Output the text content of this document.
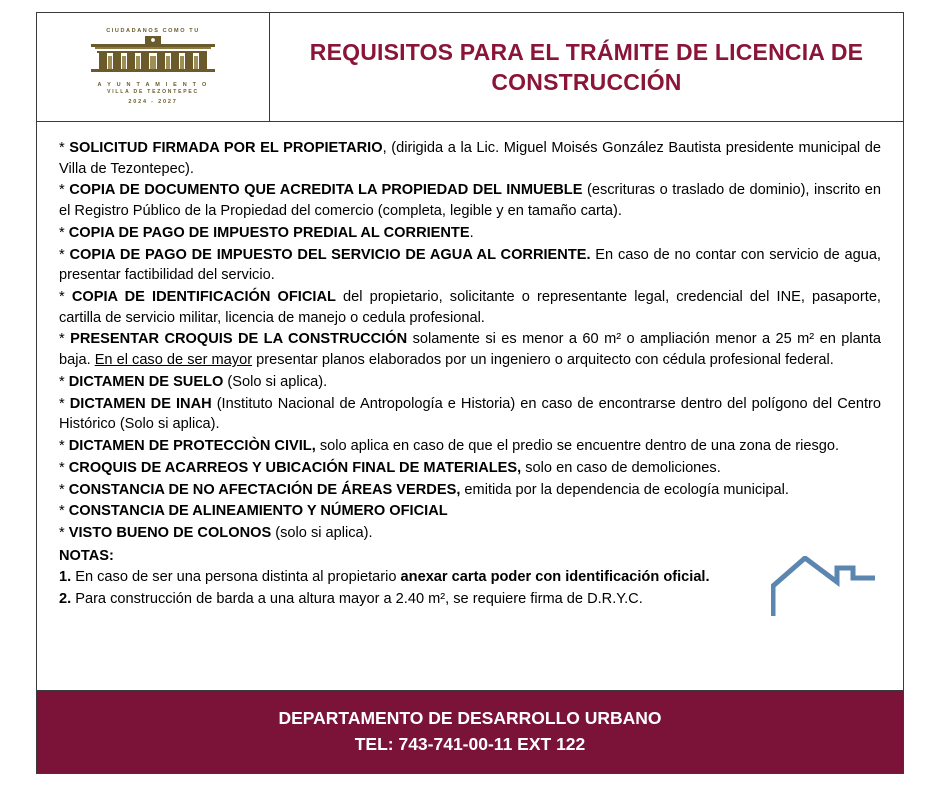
CIUDADANOS COMO TU
A Y U N T A M I E N T O
VILLA DE TEZONTEPEC
2024 - 2027
REQUISITOS PARA EL TRÁMITE DE LICENCIA DE CONSTRUCCIÓN

* SOLICITUD FIRMADA POR EL PROPIETARIO, (dirigida a la Lic. Miguel Moisés González Bautista presidente municipal de Villa de Tezontepec).

* COPIA DE DOCUMENTO QUE ACREDITA LA PROPIEDAD DEL INMUEBLE (escrituras o traslado de dominio), inscrito en el Registro Público de la Propiedad del comercio (completa, legible y en tamaño carta).

* COPIA DE PAGO DE IMPUESTO PREDIAL AL CORRIENTE.

* COPIA DE PAGO DE IMPUESTO DEL SERVICIO DE AGUA AL CORRIENTE. En caso de no contar con servicio de agua, presentar factibilidad del servicio.

* COPIA DE IDENTIFICACIÓN OFICIAL del propietario, solicitante o representante legal, credencial del INE, pasaporte, cartilla de servicio militar, licencia de manejo o cedula profesional.

* PRESENTAR CROQUIS DE LA CONSTRUCCIÓN solamente si es menor a 60 m² o ampliación menor a 25 m² en planta baja. En el caso de ser mayor presentar planos elaborados por un ingeniero o arquitecto con cédula profesional federal.

* DICTAMEN DE SUELO (Solo si aplica).

* DICTAMEN DE INAH (Instituto Nacional de Antropología e Historia) en caso de encontrarse dentro del polígono del Centro Histórico (Solo si aplica).

* DICTAMEN DE PROTECCIÒN CIVIL, solo aplica en caso de que el predio se encuentre dentro de una zona de riesgo.

* CROQUIS DE ACARREOS Y UBICACIÓN FINAL DE MATERIALES, solo en caso de demoliciones.

* CONSTANCIA DE NO AFECTACIÓN DE ÁREAS VERDES, emitida por la dependencia de ecología municipal.

* CONSTANCIA DE ALINEAMIENTO Y NÚMERO OFICIAL

* VISTO BUENO DE COLONOS (solo si aplica).

NOTAS:

1. En caso de ser una persona distinta al propietario anexar carta poder con identificación oficial.

2. Para construcción de barda a una altura mayor a 2.40 m², se requiere firma de D.R.Y.C.

DEPARTAMENTO DE DESARROLLO URBANO
TEL: 743-741-00-11 EXT 122
